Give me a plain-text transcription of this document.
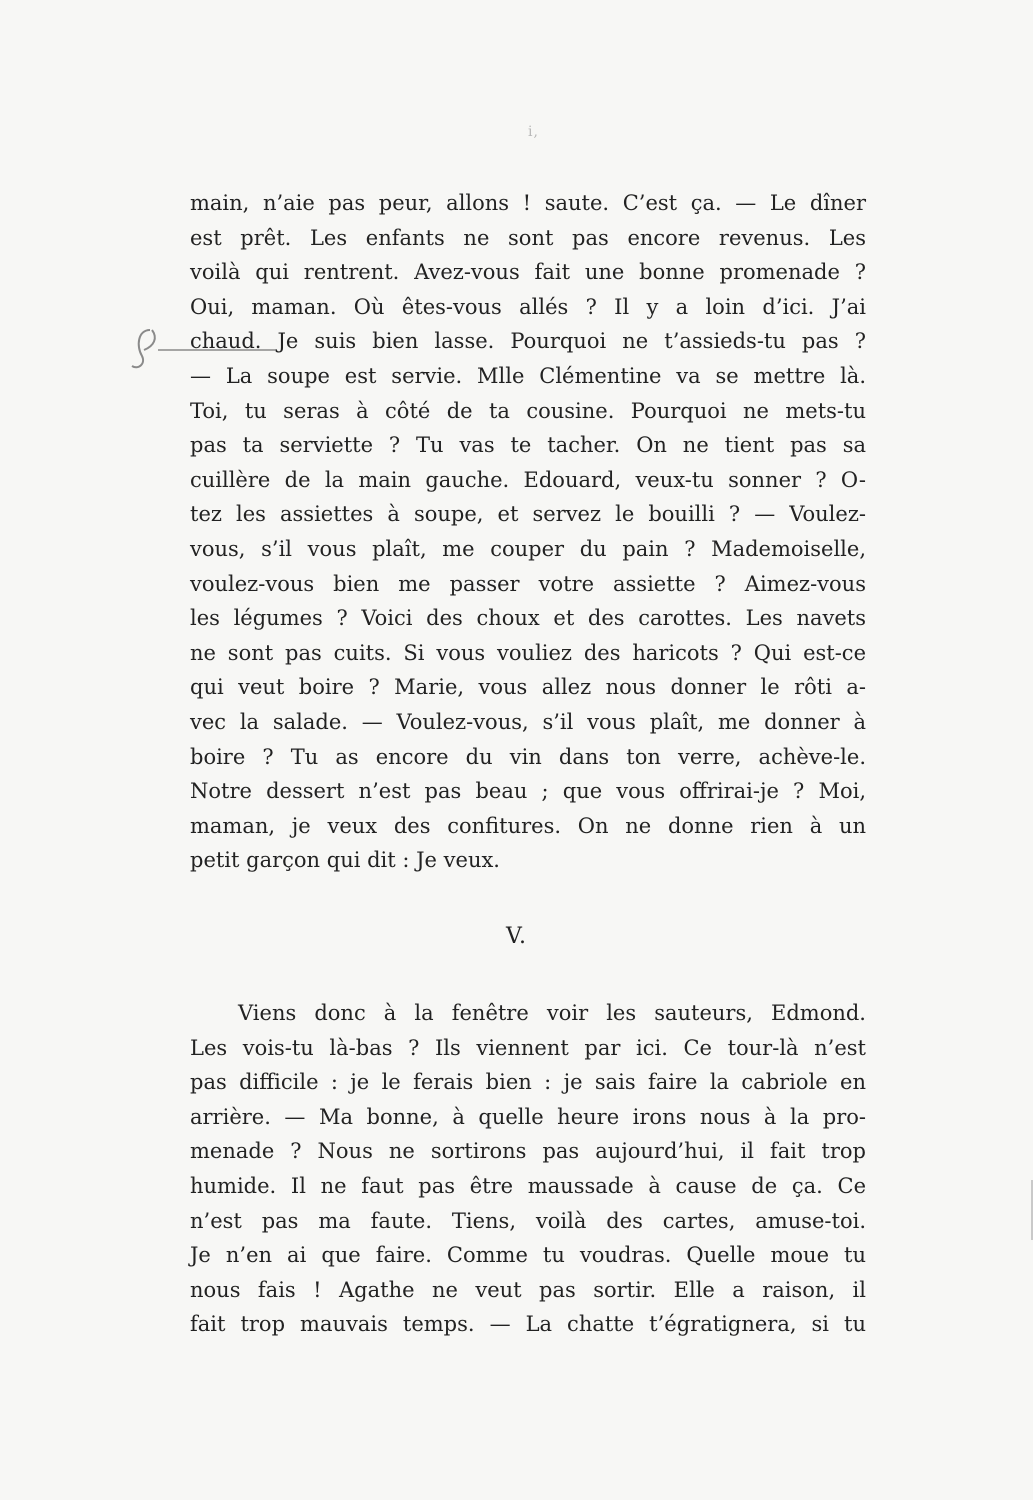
i,
8
main, n’aie pas peur, allons ! saute. C’est ça. — Le dîner
est prêt. Les enfants ne sont pas encore revenus. Les
voilà qui rentrent. Avez-vous fait une bonne promenade ?
Oui, maman. Où êtes-vous allés ? Il y a loin d’ici. J’ai
chaud. Je suis bien lasse. Pourquoi ne t’assieds-tu pas ?
— La soupe est servie. Mlle Clémentine va se mettre là.
Toi, tu seras à côté de ta cousine. Pourquoi ne mets-tu
pas ta serviette ? Tu vas te tacher. On ne tient pas sa
cuillère de la main gauche. Edouard, veux-tu sonner ? O-
tez les assiettes à soupe, et servez le bouilli ? — Voulez-
vous, s’il vous plaît, me couper du pain ? Mademoiselle,
voulez-vous bien me passer votre assiette ? Aimez-vous
les légumes ? Voici des choux et des carottes. Les navets
ne sont pas cuits. Si vous vouliez des haricots ? Qui est-ce
qui veut boire ? Marie, vous allez nous donner le rôti a-
vec la salade. — Voulez-vous, s’il vous plaît, me donner à
boire ? Tu as encore du vin dans ton verre, achève-le.
Notre dessert n’est pas beau ; que vous offrirai-je ? Moi,
maman, je veux des confitures. On ne donne rien à un
petit garçon qui dit : Je veux.
V.
Viens donc à la fenêtre voir les sauteurs, Edmond.
Les vois-tu là-bas ? Ils viennent par ici. Ce tour-là n’est
pas difficile : je le ferais bien : je sais faire la cabriole en
arrière. — Ma bonne, à quelle heure irons nous à la pro-
menade ? Nous ne sortirons pas aujourd’hui, il fait trop
humide. Il ne faut pas être maussade à cause de ça. Ce
n’est pas ma faute. Tiens, voilà des cartes, amuse-toi.
Je n’en ai que faire. Comme tu voudras. Quelle moue tu
nous fais ! Agathe ne veut pas sortir. Elle a raison, il
fait trop mauvais temps. — La chatte t’égratignera, si tu
